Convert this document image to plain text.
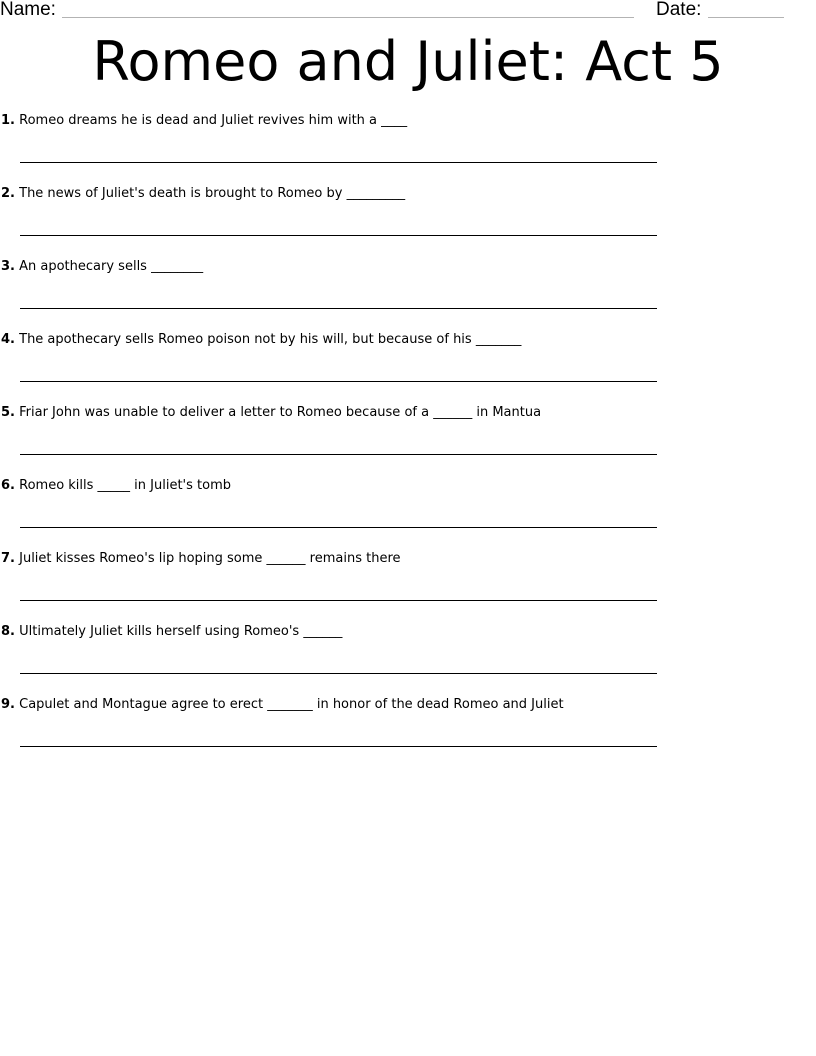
Name:	Date:
Romeo and Juliet: Act 5
1. Romeo dreams he is dead and Juliet revives him with a ____
2. The news of Juliet's death is brought to Romeo by _________
3. An apothecary sells ________
4. The apothecary sells Romeo poison not by his will, but because of his _______
5. Friar John was unable to deliver a letter to Romeo because of a ______ in Mantua
6. Romeo kills _____ in Juliet's tomb
7. Juliet kisses Romeo's lip hoping some ______ remains there
8. Ultimately Juliet kills herself using Romeo's ______
9. Capulet and Montague agree to erect _______ in honor of the dead Romeo and Juliet
